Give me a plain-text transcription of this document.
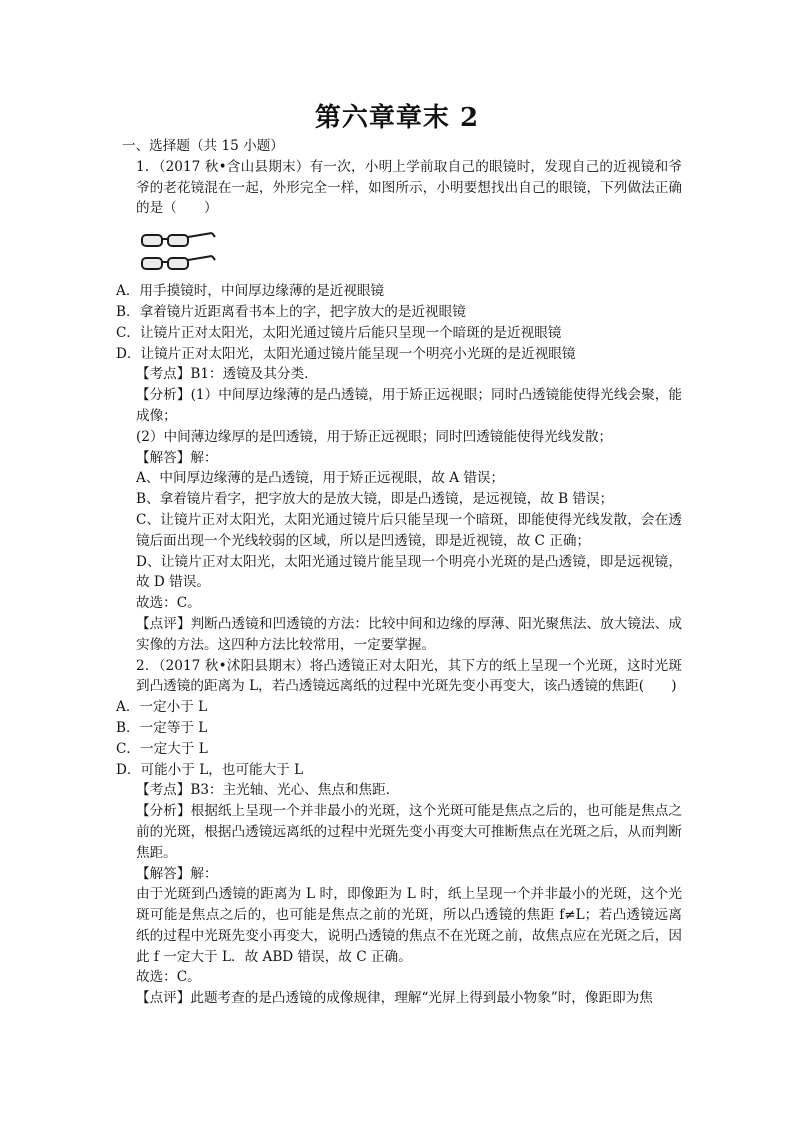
第六章章末 2

一、选择题（共 15 小题）

1．（2017 秋•含山县期末）有一次，小明上学前取自己的眼镜时，发现自己的近视镜和爷爷的老花镜混在一起，外形完全一样，如图所示，小明要想找出自己的眼镜，下列做法正确的是（　　）

A．用手摸镜时，中间厚边缘薄的是近视眼镜

B．拿着镜片近距离看书本上的字，把字放大的是近视眼镜

C．让镜片正对太阳光，太阳光通过镜片后能只呈现一个暗斑的是近视眼镜

D．让镜片正对太阳光，太阳光通过镜片能呈现一个明亮小光斑的是近视眼镜

【考点】B1：透镜及其分类．

【分析】(1）中间厚边缘薄的是凸透镜，用于矫正远视眼；同时凸透镜能使得光线会聚，能成像；

(2）中间薄边缘厚的是凹透镜，用于矫正远视眼；同时凹透镜能使得光线发散；

【解答】解：

A、中间厚边缘薄的是凸透镜，用于矫正远视眼，故 A 错误；

B、拿着镜片看字，把字放大的是放大镜，即是凸透镜，是远视镜，故 B 错误；

C、让镜片正对太阳光，太阳光通过镜片后只能呈现一个暗斑，即能使得光线发散，会在透镜后面出现一个光线较弱的区域，所以是凹透镜，即是近视镜，故 C 正确；

D、让镜片正对太阳光，太阳光通过镜片能呈现一个明亮小光斑的是凸透镜，即是远视镜，故 D 错误。

故选：C。

【点评】判断凸透镜和凹透镜的方法：比较中间和边缘的厚薄、阳光聚焦法、放大镜法、成实像的方法。这四种方法比较常用，一定要掌握。

2．（2017 秋•沭阳县期末）将凸透镜正对太阳光，其下方的纸上呈现一个光斑，这时光斑到凸透镜的距离为 L，若凸透镜远离纸的过程中光斑先变小再变大，该凸透镜的焦距(　　)

A．一定小于 L

B．一定等于 L

C．一定大于 L

D．可能小于 L，也可能大于 L

【考点】B3：主光轴、光心、焦点和焦距．

【分析】根据纸上呈现一个并非最小的光斑，这个光斑可能是焦点之后的，也可能是焦点之前的光斑，根据凸透镜远离纸的过程中光斑先变小再变大可推断焦点在光斑之后，从而判断焦距。

【解答】解：

由于光斑到凸透镜的距离为 L 时，即像距为 L 时，纸上呈现一个并非最小的光斑，这个光斑可能是焦点之后的，也可能是焦点之前的光斑，所以凸透镜的焦距 f≠L；若凸透镜远离纸的过程中光斑先变小再变大，说明凸透镜的焦点不在光斑之前，故焦点应在光斑之后，因此 f 一定大于 L．故 ABD 错误，故 C 正确。

故选：C。

【点评】此题考查的是凸透镜的成像规律，理解“光屏上得到最小物象”时，像距即为焦
